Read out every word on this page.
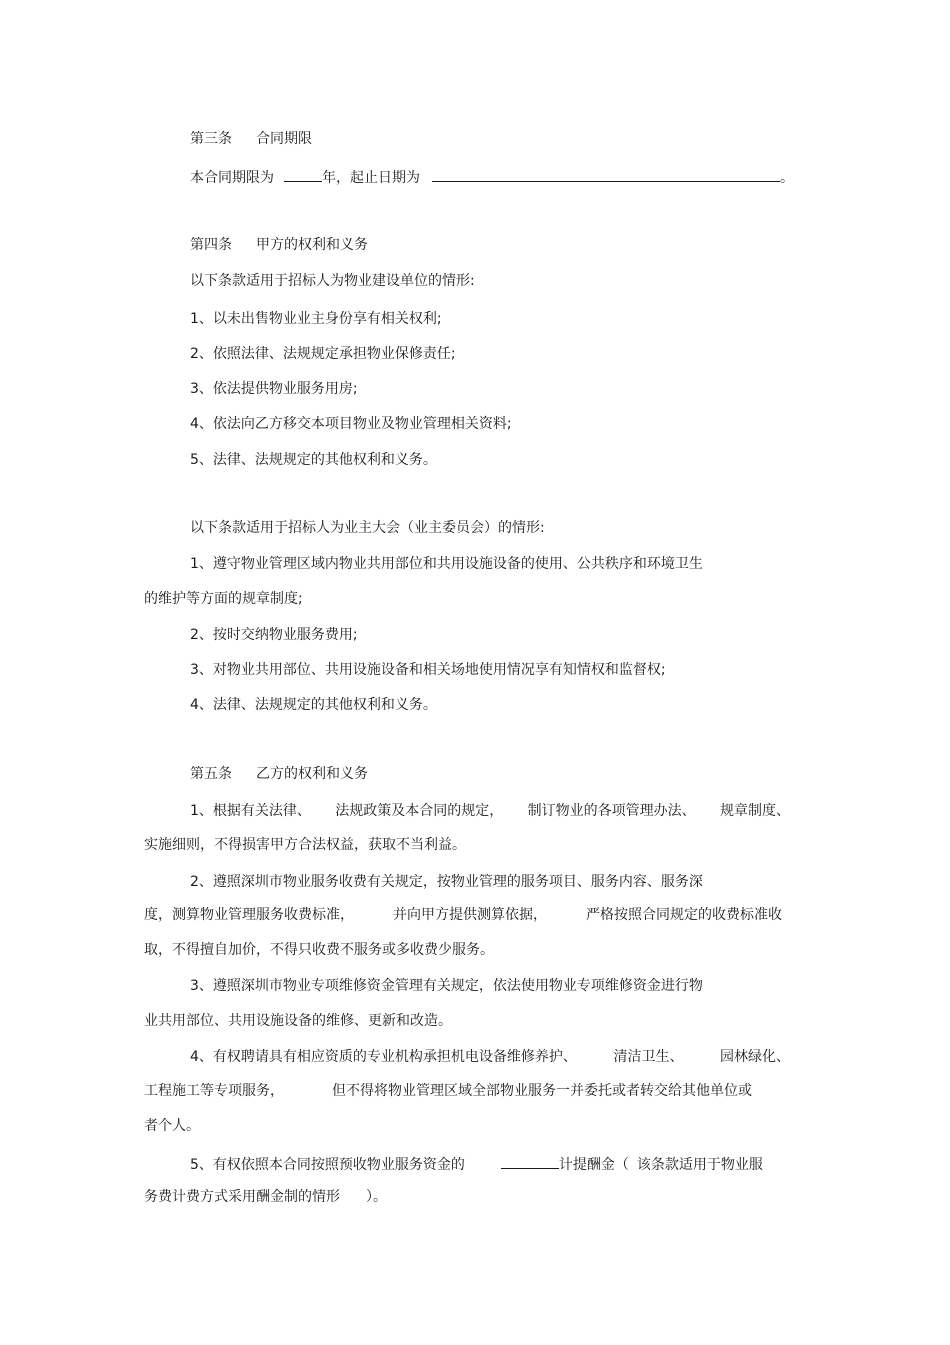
第三条 合同期限
本合同期限为	年，起止日期为	。
第四条 甲方的权利和义务
以下条款适用于招标人为物业建设单位的情形:
1、以未出售物业业主身份享有相关权利;
2、依照法律、法规规定承担物业保修责任;
3、依法提供物业服务用房;
4、依法向乙方移交本项目物业及物业管理相关资料;
5、法律、法规规定的其他权利和义务。
以下条款适用于招标人为业主大会（业主委员会）的情形:
1、遵守物业管理区域内物业共用部位和共用设施设备的使用、公共秩序和环境卫生
的维护等方面的规章制度;
2、按时交纳物业服务费用;
3、对物业共用部位、共用设施设备和相关场地使用情况享有知情权和监督权;
4、法律、法规规定的其他权利和义务。
第五条 乙方的权利和义务
1、根据有关法律、 法规政策及本合同的规定， 制订物业的各项管理办法、 规章制度、
实施细则，不得损害甲方合法权益，获取不当利益。
2、遵照深圳市物业服务收费有关规定，按物业管理的服务项目、服务内容、服务深
度，测算物业管理服务收费标准，	并向甲方提供测算依据，	严格按照合同规定的收费标准收
取，不得擅自加价，不得只收费不服务或多收费少服务。
3、遵照深圳市物业专项维修资金管理有关规定，依法使用物业专项维修资金进行物
业共用部位、共用设施设备的维修、更新和改造。
4、有权聘请具有相应资质的专业机构承担机电设备维修养护、	清洁卫生、	园林绿化、
工程施工等专项服务，	但不得将物业管理区域全部物业服务一并委托或者转交给其他单位或
者个人。
5、有权依照本合同按照预收物业服务资金的	计提酬金（ 该条款适用于物业服
务费计费方式采用酬金制的情形 ）。
